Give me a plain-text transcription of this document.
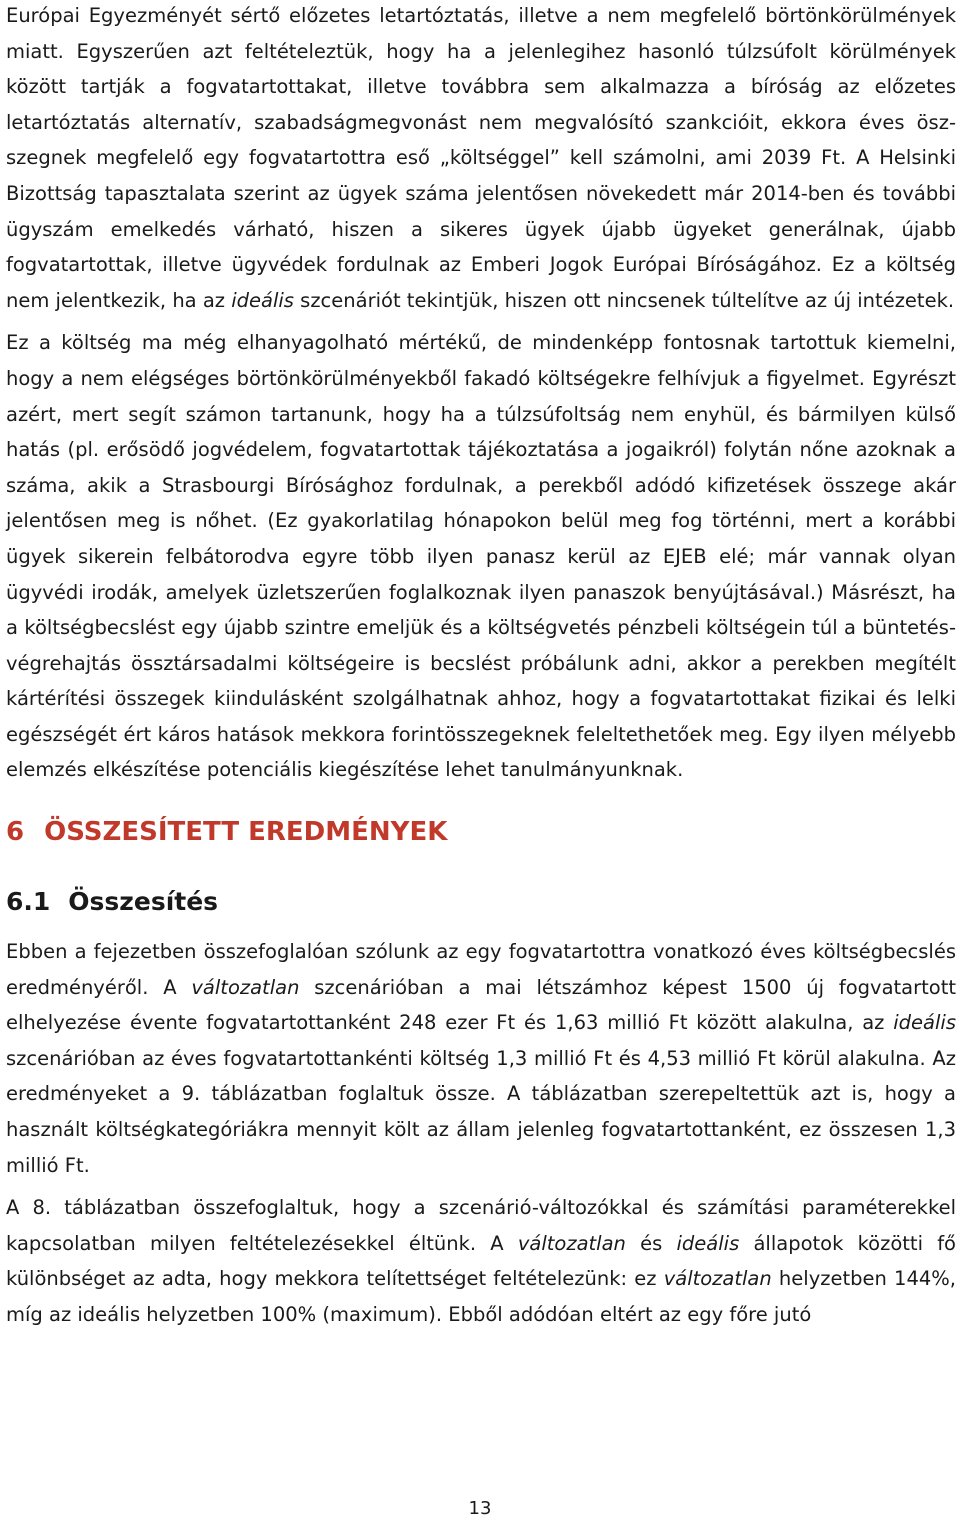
Európai Egyezményét sértő előzetes letartóztatás, illetve a nem megfelelő börtönkörülmények miatt. Egyszerűen azt feltételeztük, hogy ha a jelenlegihez hasonló túlzsúfolt körülmények között tartják a fogvatartottakat, illetve továbbra sem alkalmazza a bíróság az előzetes letartóztatás alternatív, szabadságmegvonást nem megvalósító szankcióit, ekkora éves öszszegnek megfelelő egy fogvatartottra eső „költséggel” kell számolni, ami 2039 Ft. A Helsinki Bizottság tapasztalata szerint az ügyek száma jelentősen növekedett már 2014-ben és további ügyszám emelkedés várható, hiszen a sikeres ügyek újabb ügyeket generálnak, újabb fogvatartottak, illetve ügyvédek fordulnak az Emberi Jogok Európai Bíróságához. Ez a költség nem jelentkezik, ha az ideális szcenáriót tekintjük, hiszen ott nincsenek túltelítve az új intézetek.

Ez a költség ma még elhanyagolható mértékű, de mindenképp fontosnak tartottuk kiemelni, hogy a nem elégséges börtönkörülményekből fakadó költségekre felhívjuk a figyelmet. Egyrészt azért, mert segít számon tartanunk, hogy ha a túlzsúfoltság nem enyhül, és bármilyen külső hatás (pl. erősödő jogvédelem, fogvatartottak tájékoztatása a jogaikról) folytán nőne azoknak a száma, akik a Strasbourgi Bírósághoz fordulnak, a perekből adódó kifizetések összege akár jelentősen meg is nőhet. (Ez gyakorlatilag hónapokon belül meg fog történni, mert a korábbi ügyek sikerein felbátorodva egyre több ilyen panasz kerül az EJEB elé; már vannak olyan ügyvédi irodák, amelyek üzletszerűen foglalkoznak ilyen panaszok benyújtásával.) Másrészt, ha a költségbecslést egy újabb szintre emeljük és a költségvetés pénzbeli költségein túl a büntetés-végrehajtás össztársadalmi költségeire is becslést próbálunk adni, akkor a perekben megítélt kártérítési összegek kiindulásként szolgálhatnak ahhoz, hogy a fogvatartottakat fizikai és lelki egészségét ért káros hatások mekkora forintösszegeknek feleltethetőek meg. Egy ilyen mélyebb elemzés elkészítése potenciális kiegészítése lehet tanulmányunknak.

6 ÖSSZESÍTETT EREDMÉNYEK
6.1 Összesítés

Ebben a fejezetben összefoglalóan szólunk az egy fogvatartottra vonatkozó éves költségbecslés eredményéről. A változatlan szcenárióban a mai létszámhoz képest 1500 új fogvatartott elhelyezése évente fogvatartottanként 248 ezer Ft és 1,63 millió Ft között alakulna, az ideális szcenárióban az éves fogvatartottankénti költség 1,3 millió Ft és 4,53 millió Ft körül alakulna. Az eredményeket a 9. táblázatban foglaltuk össze. A táblázatban szerepeltettük azt is, hogy a használt költségkategóriákra mennyit költ az állam jelenleg fogvatartottanként, ez összesen 1,3 millió Ft.

A 8. táblázatban összefoglaltuk, hogy a szcenárió-változókkal és számítási paraméterekkel kapcsolatban milyen feltételezésekkel éltünk. A változatlan és ideális állapotok közötti fő különbséget az adta, hogy mekkora telítettséget feltételezünk: ez változatlan helyzetben 144%, míg az ideális helyzetben 100% (maximum). Ebből adódóan eltért az egy főre jutó

13
